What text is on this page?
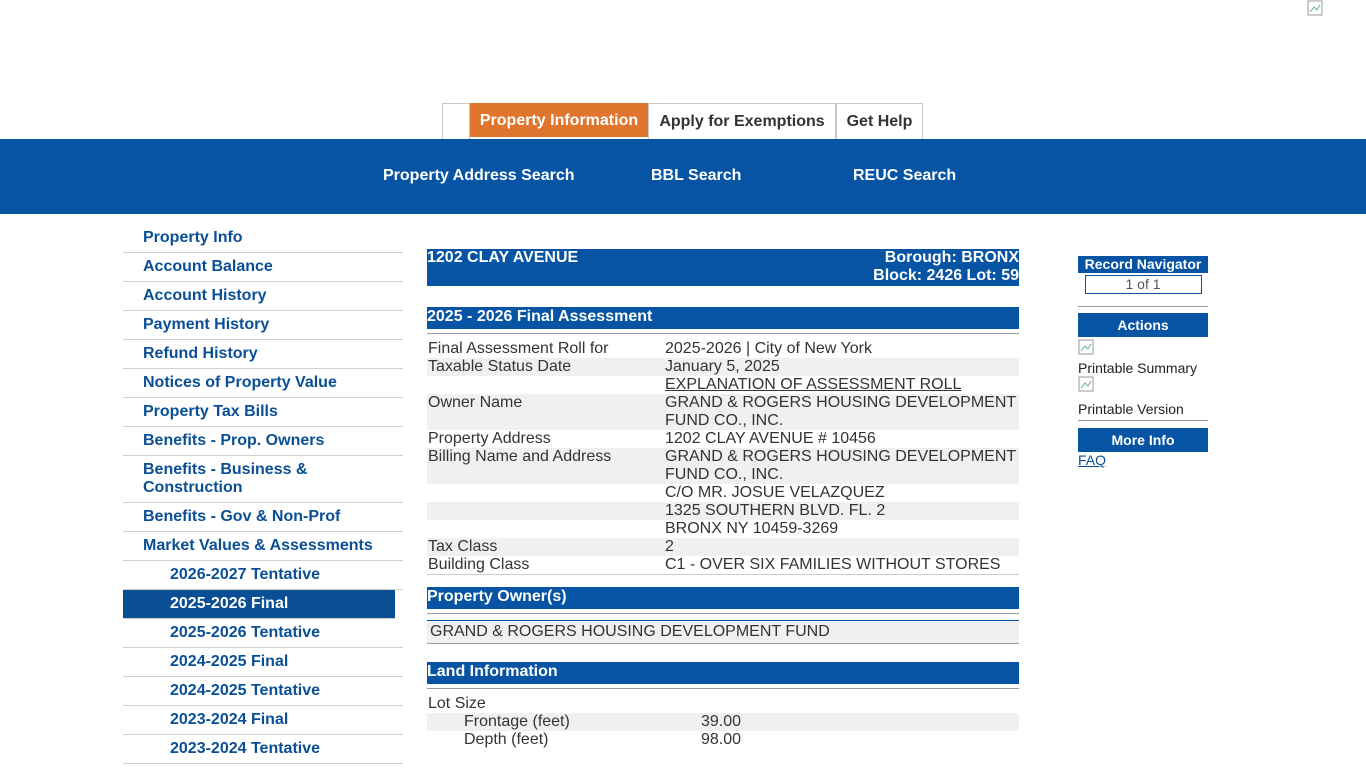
Property Information	Apply for Exemptions	Get Help
Property Address Search	BBL Search	REUC Search
Property Info
Account Balance
Account History
Payment History
Refund History
Notices of Property Value
Property Tax Bills
Benefits - Prop. Owners
Benefits - Business & Construction
Benefits - Gov & Non-Prof
Market Values & Assessments
2026-2027 Tentative
2025-2026 Final
2025-2026 Tentative
2024-2025 Final
2024-2025 Tentative
2023-2024 Final
2023-2024 Tentative
1202 CLAY AVENUE	Borough: BRONX
Block: 2426 Lot: 59
2025 - 2026 Final Assessment
Final Assessment Roll for	2025-2026 | City of New York
Taxable Status Date	January 5, 2025
	EXPLANATION OF ASSESSMENT ROLL
Owner Name	GRAND & ROGERS HOUSING DEVELOPMENT FUND CO., INC.
Property Address	1202 CLAY AVENUE # 10456
Billing Name and Address	GRAND & ROGERS HOUSING DEVELOPMENT FUND CO., INC.
	C/O MR. JOSUE VELAZQUEZ
	1325 SOUTHERN BLVD. FL. 2
	BRONX NY 10459-3269
Tax Class	2
Building Class	C1 - OVER SIX FAMILIES WITHOUT STORES
Property Owner(s)
GRAND & ROGERS HOUSING DEVELOPMENT FUND
Land Information
Lot Size	
Frontage (feet)	39.00
Depth (feet)	98.00
Record Navigator
1 of 1
Actions
Printable Summary
Printable Version
More Info
FAQ
